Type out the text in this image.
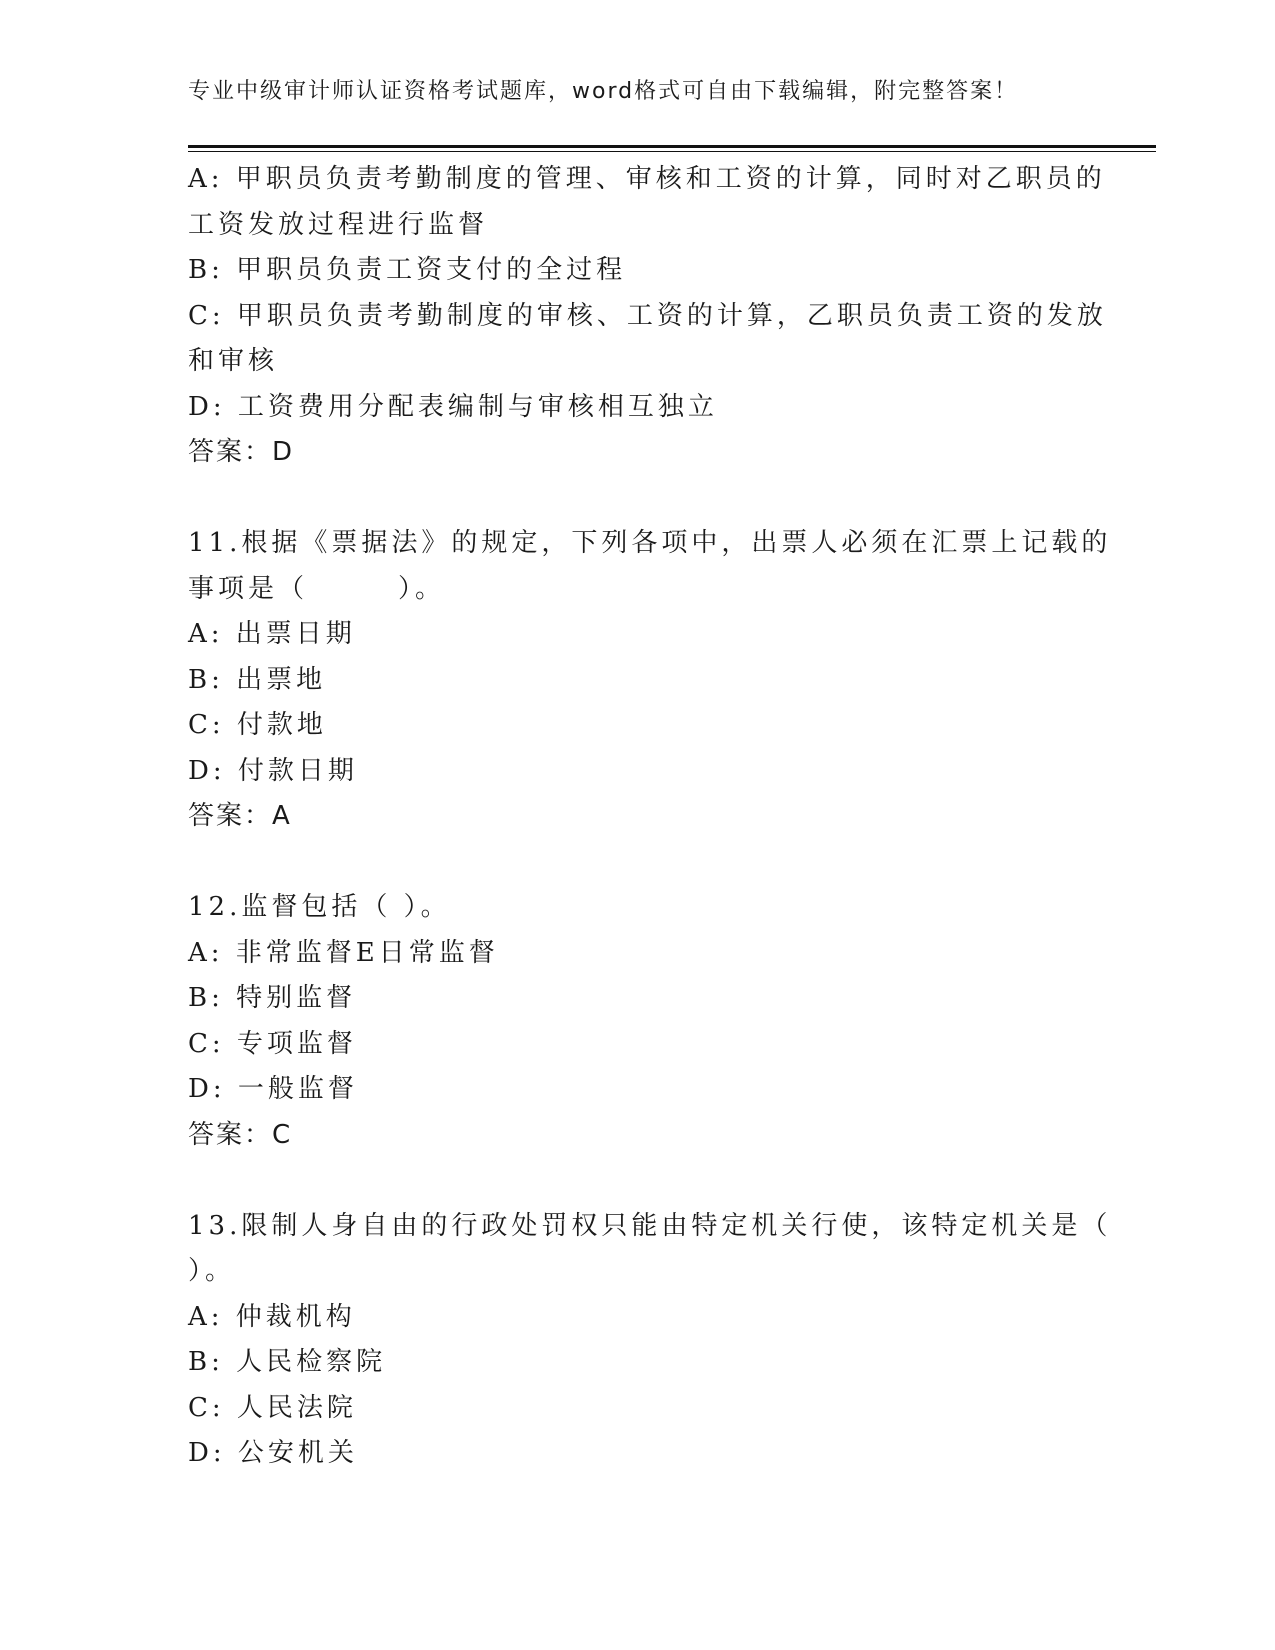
专业中级审计师认证资格考试题库，word格式可自由下载编辑，附完整答案！
A: 甲职员负责考勤制度的管理、审核和工资的计算，同时对乙职员的
工资发放过程进行监督
B: 甲职员负责工资支付的全过程
C: 甲职员负责考勤制度的审核、工资的计算，乙职员负责工资的发放
和审核
D: 工资费用分配表编制与审核相互独立
答案：D
11.根据《票据法》的规定，下列各项中，出票人必须在汇票上记载的
事项是（　　　）。
A: 出票日期
B: 出票地
C: 付款地
D: 付款日期
答案：A
12.监督包括（ ）。
A: 非常监督E日常监督
B: 特别监督
C: 专项监督
D: 一般监督
答案：C
13.限制人身自由的行政处罚权只能由特定机关行使，该特定机关是（
）。
A: 仲裁机构
B: 人民检察院
C: 人民法院
D: 公安机关
